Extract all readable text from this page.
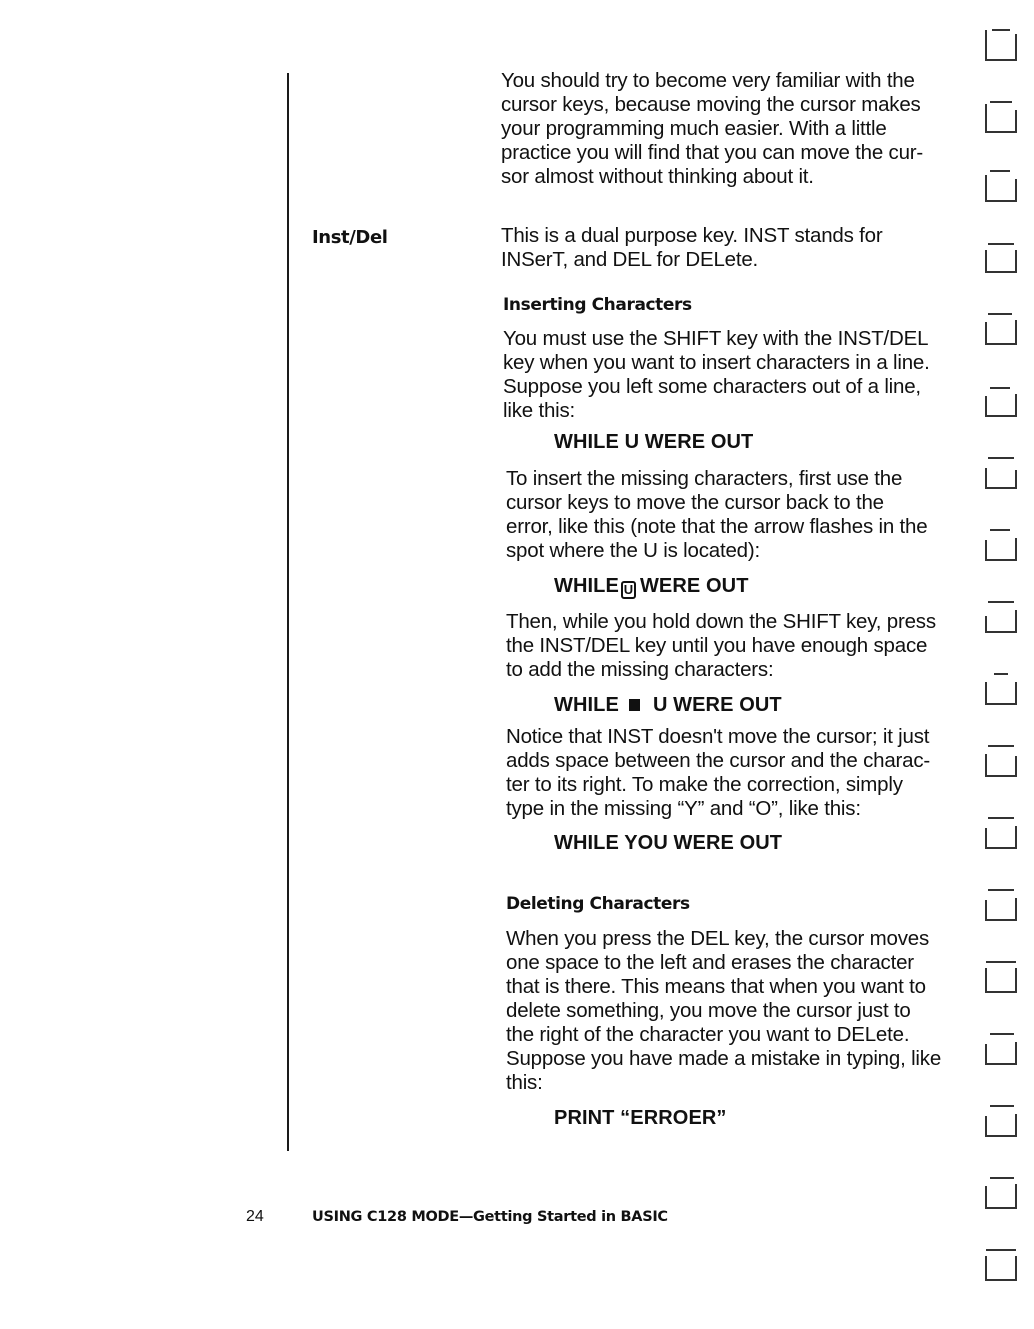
You should try to become very familiar with the

cursor keys, because moving the cursor makes

your programming much easier. With a little

practice you will find that you can move the cur-

sor almost without thinking about it.

Inst/Del	This is a dual purpose key. INST stands for

INSerT, and DEL for DELete.

Inserting Characters

You must use the SHIFT key with the INST/DEL

key when you want to insert characters in a line.

Suppose you left some characters out of a line,

like this:

WHILE U WERE OUT

To insert the missing characters, first use the

cursor keys to move the cursor back to the

error, like this (note that the arrow flashes in the

spot where the U is located):

WHILE U WERE OUT

Then, while you hold down the SHIFT key, press

the INST/DEL key until you have enough space

to add the missing characters:

WHILE U WERE OUT

Notice that INST doesn't move the cursor; it just

adds space between the cursor and the charac-

ter to its right. To make the correction, simply

type in the missing “Y” and “O”, like this:

WHILE YOU WERE OUT
Deleting Characters

When you press the DEL key, the cursor moves

one space to the left and erases the character

that is there. This means that when you want to

delete something, you move the cursor just to

the right of the character you want to DELete.

Suppose you have made a mistake in typing, like

this:

PRINT “ERROER”
24	USING C128 MODE—Getting Started in BASIC
